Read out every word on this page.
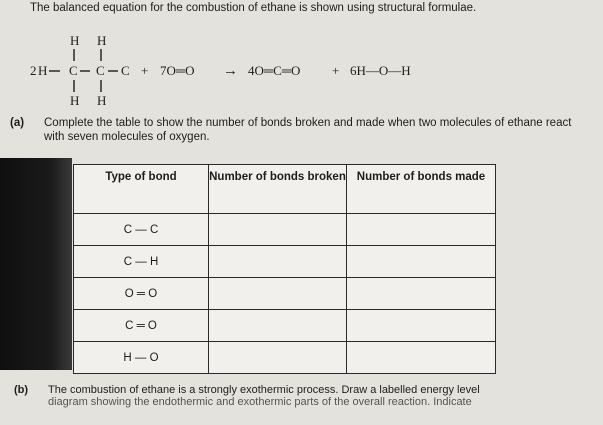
The balanced equation for the combustion of ethane is shown using structural formulae.
2 H
H
C
H
H
C
H
C + 7O═O → 4O═C═O + 6H—O—H
(a) Complete the table to show the number of bonds broken and made when two molecules of ethane react with seven molecules of oxygen.
Type of bond	Number of bonds broken	Number of bonds made
C — C		
C — H		
O ═ O		
C ═ O		
H — O		
(b) The combustion of ethane is a strongly exothermic process. Draw a labelled energy level
diagram showing the endothermic and exothermic parts of the overall reaction. Indicate
